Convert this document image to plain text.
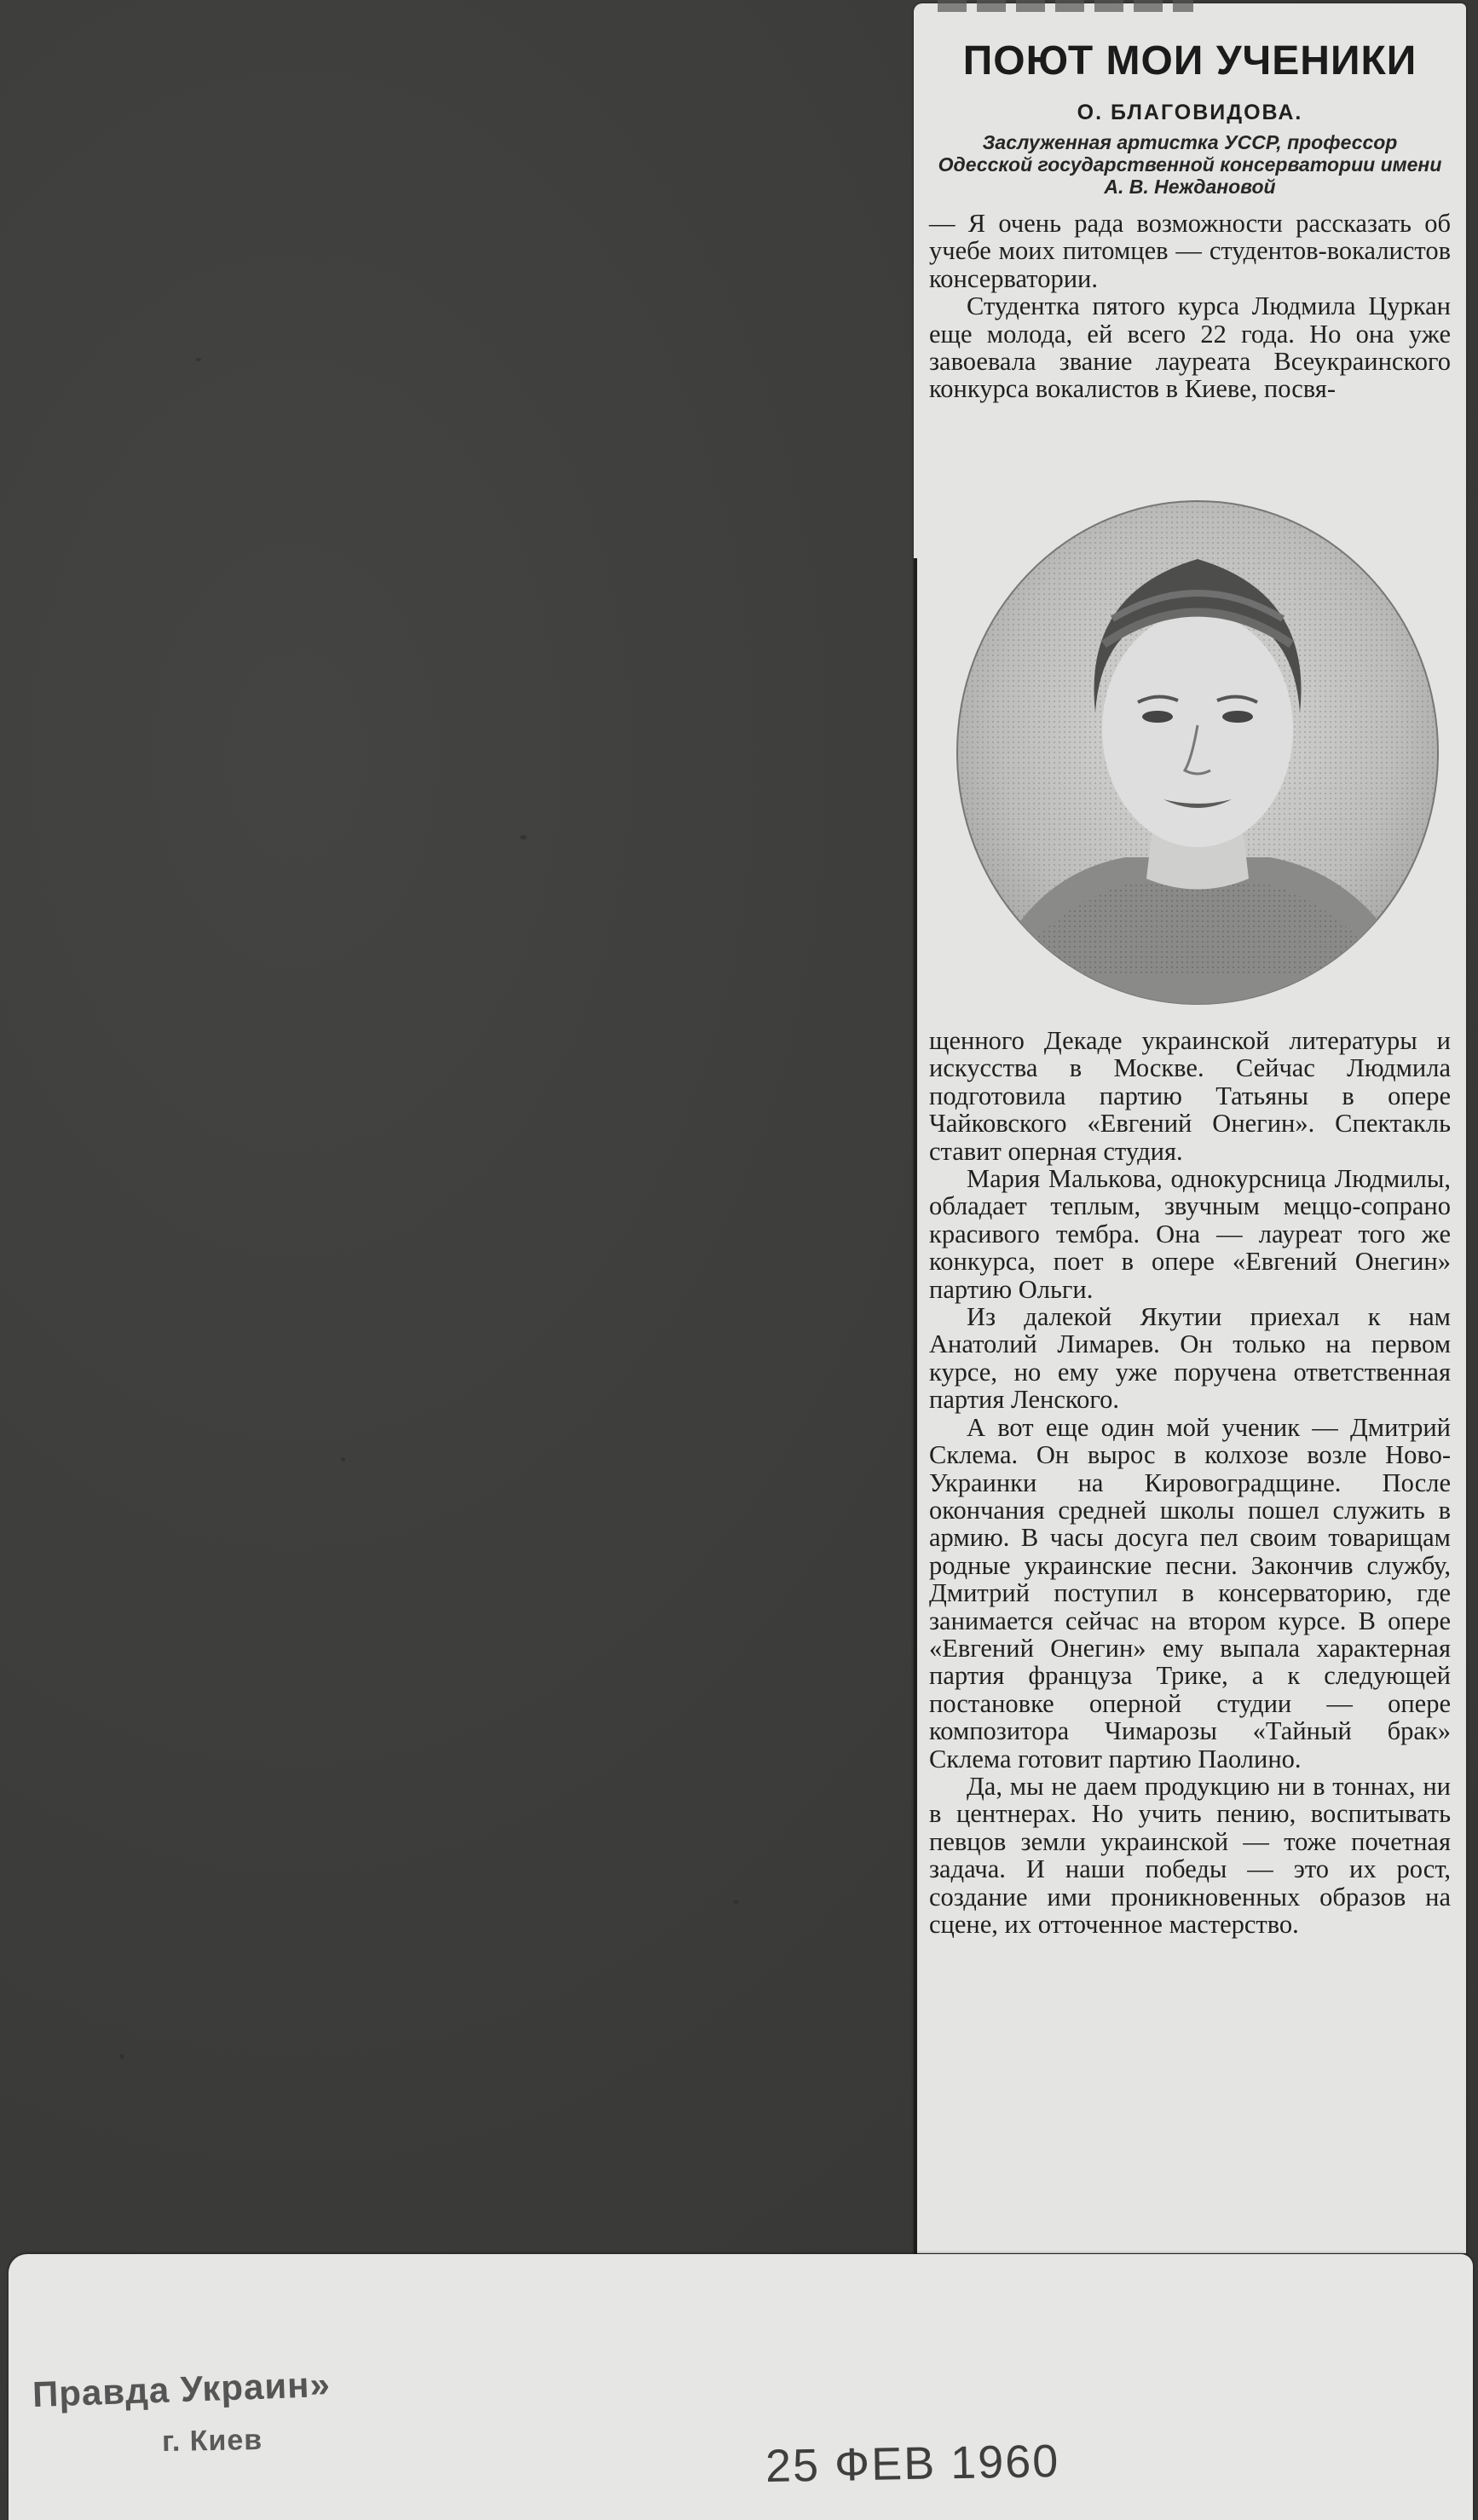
ПОЮТ МОИ УЧЕНИКИ
О. БЛАГОВИДОВА.
Заслуженная артистка УССР, профессор Одесской государственной консерватории имени А. В. Неждановой

— Я очень рада возможности рассказать об учебе моих питомцев — студентов-вокалистов консерватории.

Студентка пятого курса Людмила Цуркан еще молода, ей всего 22 года. Но она уже завоевала звание лауреата Всеукраинского конкурса вокалистов в Киеве, посвя-

щенного Декаде украинской литературы и искусства в Москве. Сейчас Людмила подготовила партию Татьяны в опере Чайковского «Евгений Онегин». Спектакль ставит оперная студия.

Мария Малькова, однокурсница Людмилы, обладает теплым, звучным меццо-сопрано красивого тембра. Она — лауреат того же конкурса, поет в опере «Евгений Онегин» партию Ольги.

Из далекой Якутии приехал к нам Анатолий Лимарев. Он только на первом курсе, но ему уже поручена ответственная партия Ленского.

А вот еще один мой ученик — Дмитрий Склема. Он вырос в колхозе возле Ново-Украинки на Кировоградщине. После окончания средней школы пошел служить в армию. В часы досуга пел своим товарищам родные украинские песни. Закончив службу, Дмитрий поступил в консерваторию, где занимается сейчас на втором курсе. В опере «Евгений Онегин» ему выпала характерная партия француза Трике, а к следующей постановке оперной студии — опере композитора Чимарозы «Тайный брак» Склема готовит партию Паолино.

Да, мы не даем продукцию ни в тоннах, ни в центнерах. Но учить пению, воспитывать певцов земли украинской — тоже почетная задача. И наши победы — это их рост, создание ими проникновенных образов на сцене, их отточенное мастерство.

Правда Украин»
г. Киев	25 ФЕВ 1960
